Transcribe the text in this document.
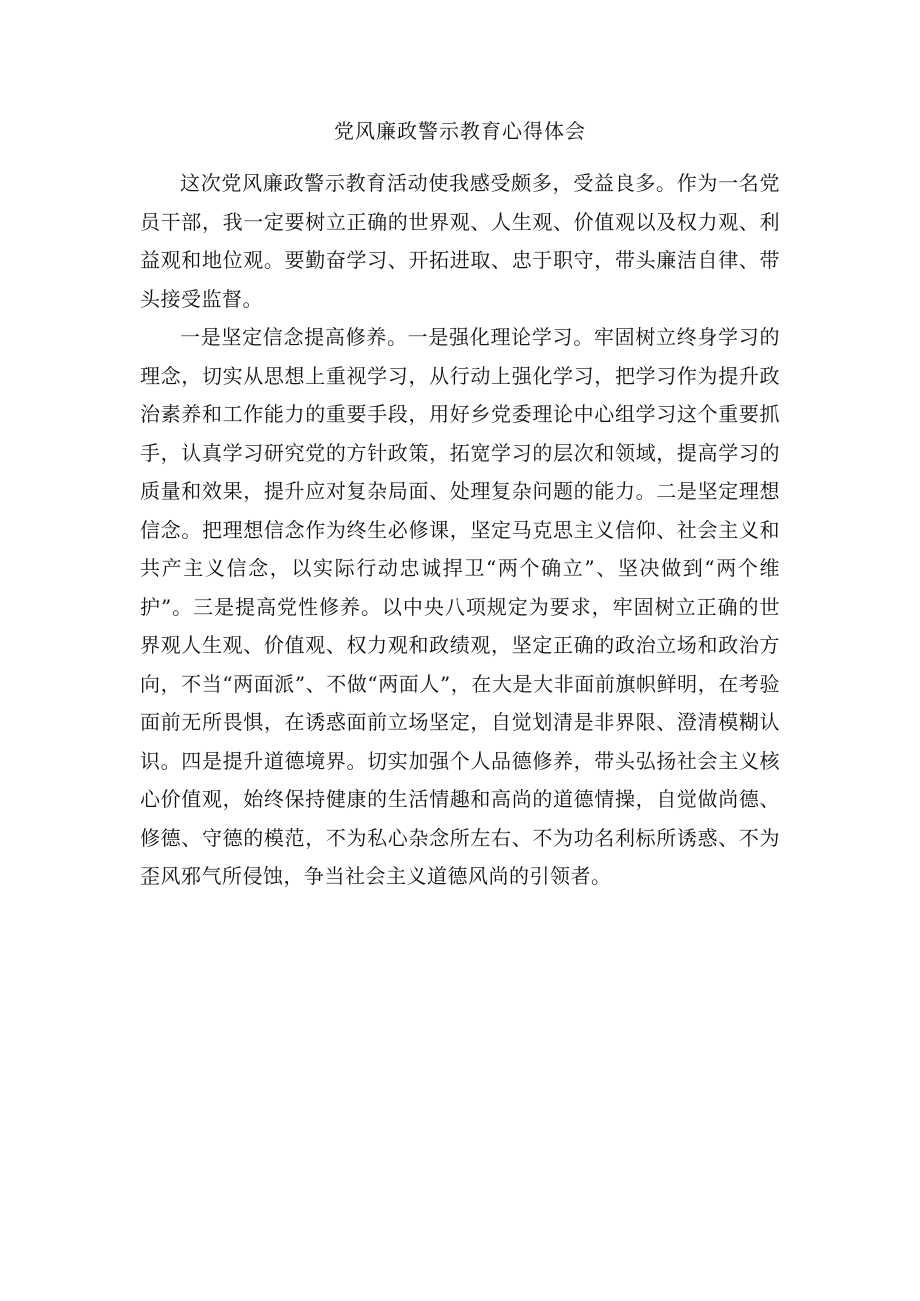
党风廉政警示教育心得体会

这次党风廉政警示教育活动使我感受颇多，受益良多。作为一名党员干部，我一定要树立正确的世界观、人生观、价值观以及权力观、利益观和地位观。要勤奋学习、开拓进取、忠于职守，带头廉洁自律、带头接受监督。

一是坚定信念提高修养。一是强化理论学习。牢固树立终身学习的理念，切实从思想上重视学习，从行动上强化学习，把学习作为提升政治素养和工作能力的重要手段，用好乡党委理论中心组学习这个重要抓手，认真学习研究党的方针政策，拓宽学习的层次和领域，提高学习的质量和效果，提升应对复杂局面、处理复杂问题的能力。二是坚定理想信念。把理想信念作为终生必修课，坚定马克思主义信仰、社会主义和共产主义信念，以实际行动忠诚捍卫“两个确立”、坚决做到“两个维护”。三是提高党性修养。以中央八项规定为要求，牢固树立正确的世界观人生观、价值观、权力观和政绩观，坚定正确的政治立场和政治方向，不当“两面派”、不做“两面人”，在大是大非面前旗帜鲜明，在考验面前无所畏惧，在诱惑面前立场坚定，自觉划清是非界限、澄清模糊认识。四是提升道德境界。切实加强个人品德修养，带头弘扬社会主义核心价值观，始终保持健康的生活情趣和高尚的道德情操，自觉做尚德、修德、守德的模范，不为私心杂念所左右、不为功名利标所诱惑、不为歪风邪气所侵蚀，争当社会主义道德风尚的引领者。
